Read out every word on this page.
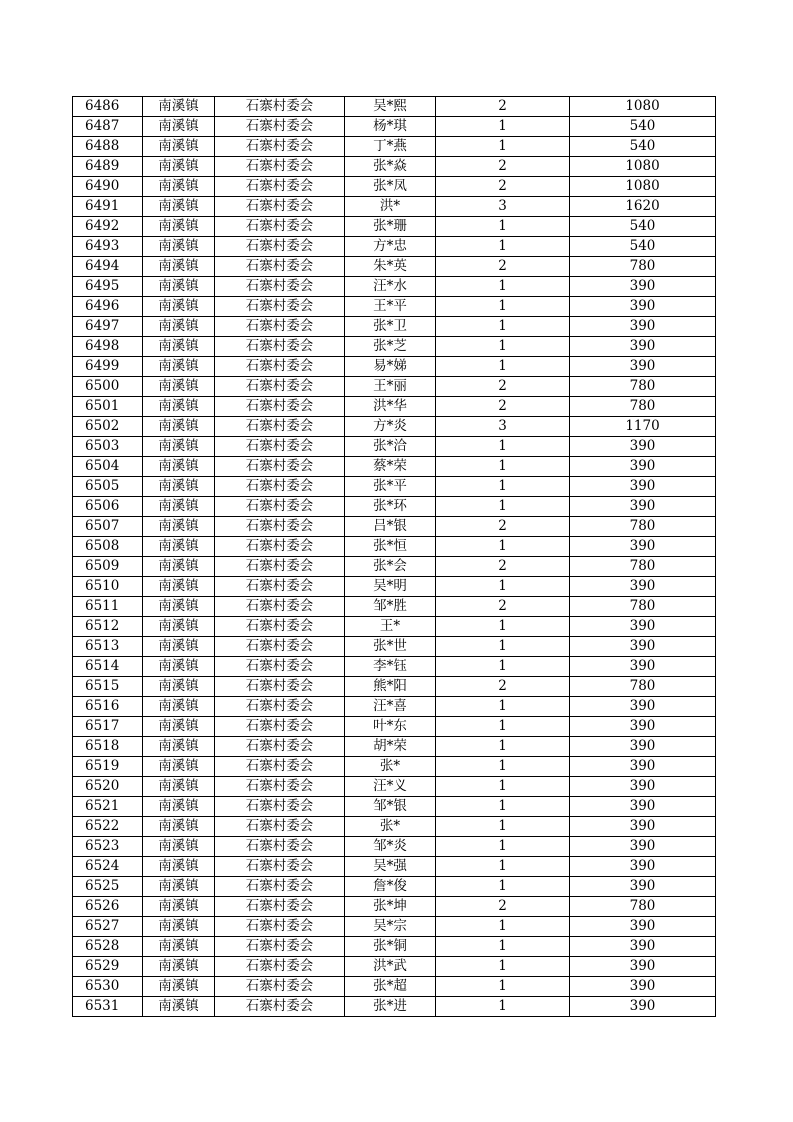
6486	南溪镇	石寨村委会	吴*熙	2	1080
6487	南溪镇	石寨村委会	杨*琪	1	540
6488	南溪镇	石寨村委会	丁*燕	1	540
6489	南溪镇	石寨村委会	张*焱	2	1080
6490	南溪镇	石寨村委会	张*凤	2	1080
6491	南溪镇	石寨村委会	洪*	3	1620
6492	南溪镇	石寨村委会	张*珊	1	540
6493	南溪镇	石寨村委会	方*忠	1	540
6494	南溪镇	石寨村委会	朱*英	2	780
6495	南溪镇	石寨村委会	汪*水	1	390
6496	南溪镇	石寨村委会	王*平	1	390
6497	南溪镇	石寨村委会	张*卫	1	390
6498	南溪镇	石寨村委会	张*芝	1	390
6499	南溪镇	石寨村委会	易*娣	1	390
6500	南溪镇	石寨村委会	王*丽	2	780
6501	南溪镇	石寨村委会	洪*华	2	780
6502	南溪镇	石寨村委会	方*炎	3	1170
6503	南溪镇	石寨村委会	张*洽	1	390
6504	南溪镇	石寨村委会	蔡*荣	1	390
6505	南溪镇	石寨村委会	张*平	1	390
6506	南溪镇	石寨村委会	张*环	1	390
6507	南溪镇	石寨村委会	吕*银	2	780
6508	南溪镇	石寨村委会	张*恒	1	390
6509	南溪镇	石寨村委会	张*会	2	780
6510	南溪镇	石寨村委会	吴*明	1	390
6511	南溪镇	石寨村委会	邹*胜	2	780
6512	南溪镇	石寨村委会	王*	1	390
6513	南溪镇	石寨村委会	张*世	1	390
6514	南溪镇	石寨村委会	李*钰	1	390
6515	南溪镇	石寨村委会	熊*阳	2	780
6516	南溪镇	石寨村委会	汪*喜	1	390
6517	南溪镇	石寨村委会	叶*东	1	390
6518	南溪镇	石寨村委会	胡*荣	1	390
6519	南溪镇	石寨村委会	张*	1	390
6520	南溪镇	石寨村委会	汪*义	1	390
6521	南溪镇	石寨村委会	邹*银	1	390
6522	南溪镇	石寨村委会	张*	1	390
6523	南溪镇	石寨村委会	邹*炎	1	390
6524	南溪镇	石寨村委会	吴*强	1	390
6525	南溪镇	石寨村委会	詹*俊	1	390
6526	南溪镇	石寨村委会	张*坤	2	780
6527	南溪镇	石寨村委会	吴*宗	1	390
6528	南溪镇	石寨村委会	张*铜	1	390
6529	南溪镇	石寨村委会	洪*武	1	390
6530	南溪镇	石寨村委会	张*超	1	390
6531	南溪镇	石寨村委会	张*进	1	390
